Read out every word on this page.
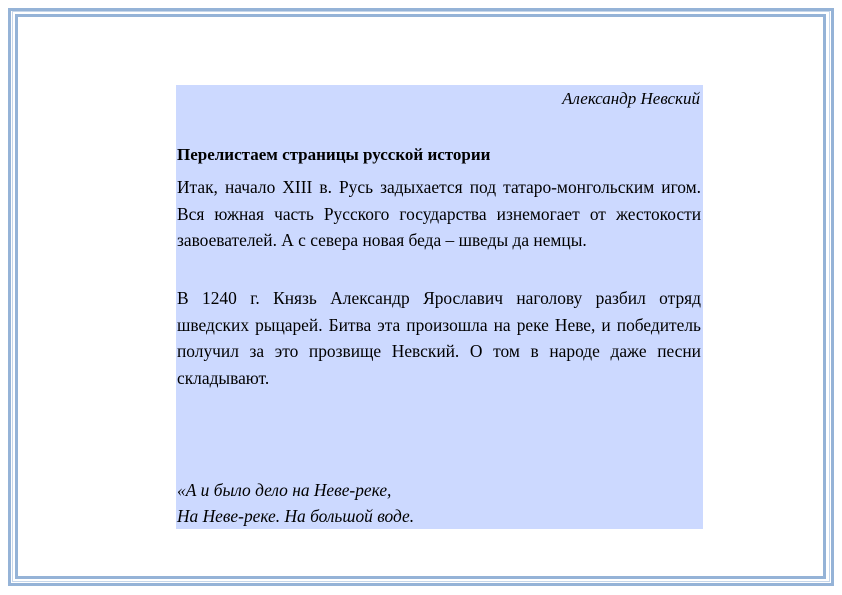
Александр Невский
Перелистаем страницы русской истории

Итак, начало XIII в. Русь задыхается под татаро-монгольским игом. Вся южная часть Русского государства изнемогает от жестокости завоевателей. А с севера новая беда – шведы да немцы.

В 1240 г. Князь Александр Ярославич наголову разбил отряд шведских рыцарей. Битва эта произошла на реке Неве, и победитель получил за это прозвище Невский. О том в народе даже песни складывают.

«А и было дело на Неве-реке,
На Неве-реке. На большой воде.
